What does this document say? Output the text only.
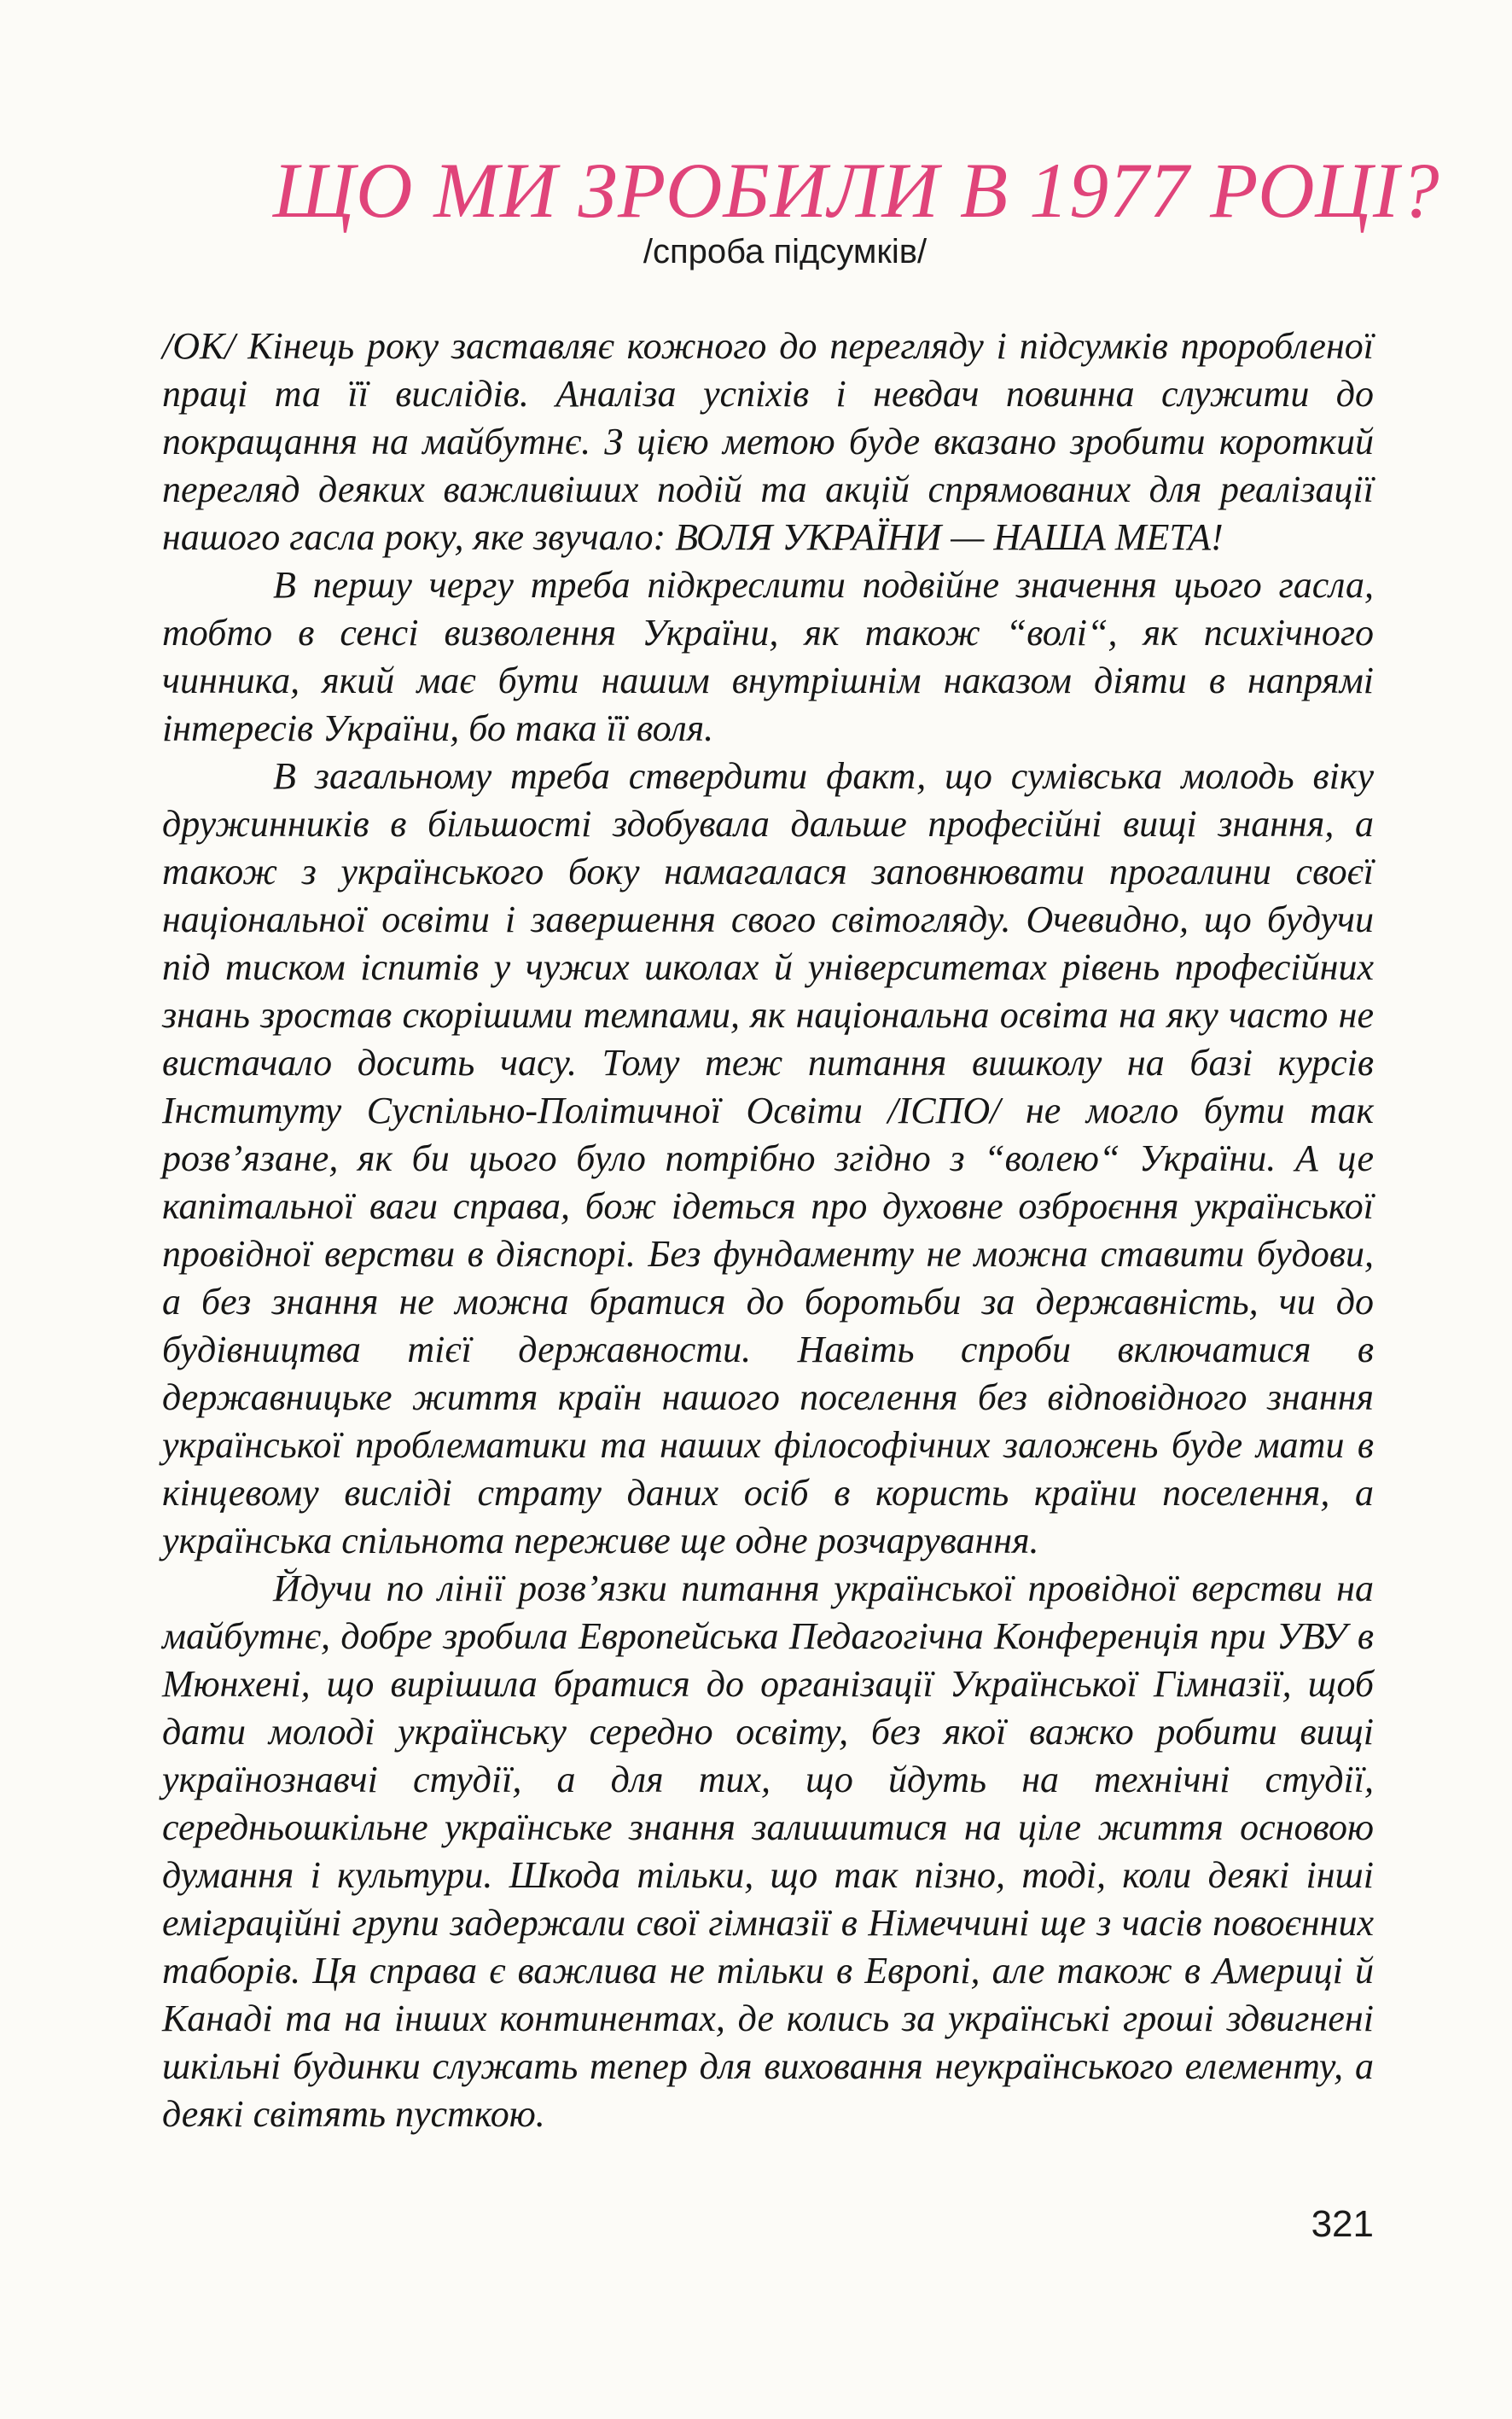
ЩО МИ ЗРОБИЛИ В 1977 РОЦІ?
/спроба підсумків/

/ОК/ Кінець року заставляє кожного до перегляду і підсумків проробленої праці та її вислідів. Аналіза успіхів і невдач повинна служити до покращання на майбутнє. З цією метою буде вказано зробити короткий перегляд деяких важливіших подій та акцій спрямованих для реалізації нашого гасла року, яке звучало: ВОЛЯ УКРАЇНИ — НАША МЕТА!

В першу чергу треба підкреслити подвійне значення цього гасла, тобто в сенсі визволення України, як також “волі“, як психічного чинника, який має бути нашим внутрішнім наказом діяти в напрямі інтересів України, бо така її воля.

В загальному треба ствердити факт, що сумівська молодь віку дружинників в більшості здобувала дальше професійні вищі знання, а також з українського боку намагалася заповнювати прогалини своєї національної освіти і завершення свого світогляду. Очевидно, що будучи під тиском іспитів у чужих школах й університетах рівень професійних знань зростав скорішими темпами, як національна освіта на яку часто не вистачало досить часу. Тому теж питання вишколу на базі курсів Інституту Суспільно-Політичної Освіти /ІСПО/ не могло бути так розв’язане, як би цього було потрібно згідно з “волею“ України. А це капітальної ваги справа, бож ідеться про духовне озброєння української провідної верстви в діяспорі. Без фундаменту не можна ставити будови, а без знання не можна братися до боротьби за державність, чи до будівництва тієї державности. Навіть спроби включатися в державницьке життя країн нашого поселення без відповідного знання української проблематики та наших філософічних заложень буде мати в кінцевому висліді страту даних осіб в користь країни поселення, а українська спільнота переживе ще одне розчарування.

Йдучи по лінії розв’язки питання української провідної верстви на майбутнє, добре зробила Европейська Педагогічна Конференція при УВУ в Мюнхені, що вирішила братися до організації Української Гімназії, щоб дати молоді українську середно освіту, без якої важко робити вищі українознавчі студії, а для тих, що йдуть на технічні студії, середньошкільне українське знання залишитися на ціле життя основою думання і культури. Шкода тільки, що так пізно, тоді, коли деякі інші еміграційні групи задержали свої гімназії в Німеччині ще з часів повоєнних таборів. Ця справа є важлива не тільки в Европі, але також в Америці й Канаді та на інших континентах, де колись за українські гроші здвигнені шкільні будинки служать тепер для виховання неукраїнського елементу, а деякі світять пусткою.

321
